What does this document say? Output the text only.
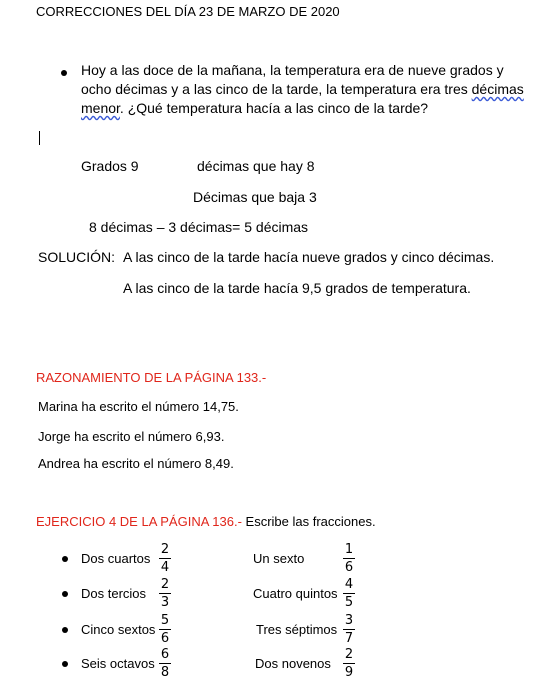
CORRECCIONES DEL DÍA 23 DE MARZO DE 2020
Hoy a las doce de la mañana, la temperatura era de nueve grados y
ocho décimas y a las cinco de la tarde, la temperatura era tres décimas
menor. ¿Qué temperatura hacía a las cinco de la tarde?
Grados 9	décimas que hay 8
Décimas que baja 3
8 décimas – 3 décimas= 5 décimas
SOLUCIÓN: A las cinco de la tarde hacía nueve grados y cinco décimas.
A las cinco de la tarde hacía 9,5 grados de temperatura.
RAZONAMIENTO DE LA PÁGINA 133.-
Marina ha escrito el número 14,75.
Jorge ha escrito el número 6,93.
Andrea ha escrito el número 8,49.
EJERCICIO 4 DE LA PÁGINA 136.- Escribe las fracciones.
Dos cuartos
2
4
Dos tercios
2
3
Cinco sextos
5
6
Seis octavos
6
8
Un sexto
1
6
Cuatro quintos
4
5
Tres séptimos
3
7
Dos novenos
2
9
